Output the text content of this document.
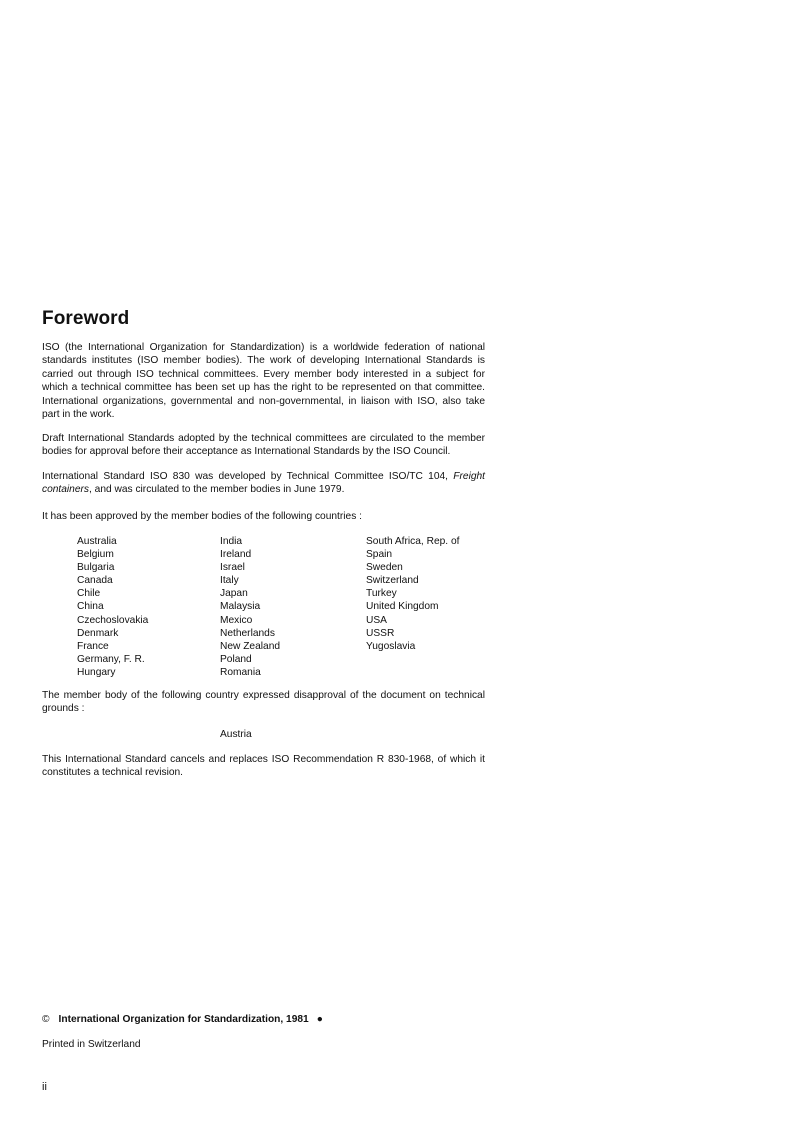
Foreword

ISO (the International Organization for Standardization) is a worldwide federation of national standards institutes (ISO member bodies). The work of developing International Standards is carried out through ISO technical committees. Every member body interested in a subject for which a technical committee has been set up has the right to be represented on that committee. International organizations, governmental and non-governmental, in liaison with ISO, also take part in the work.

Draft International Standards adopted by the technical committees are circulated to the member bodies for approval before their acceptance as International Standards by the ISO Council.

International Standard ISO 830 was developed by Technical Committee ISO/TC 104, Freight containers, and was circulated to the member bodies in June 1979.

It has been approved by the member bodies of the following countries :

Australia
Belgium
Bulgaria
Canada
Chile
China
Czechoslovakia
Denmark
France
Germany, F. R.
Hungary
India
Ireland
Israel
Italy
Japan
Malaysia
Mexico
Netherlands
New Zealand
Poland
Romania
South Africa, Rep. of
Spain
Sweden
Switzerland
Turkey
United Kingdom
USA
USSR
Yugoslavia

The member body of the following country expressed disapproval of the document on technical grounds :

Austria

This International Standard cancels and replaces ISO Recommendation R 830-1968, of which it constitutes a technical revision.

© International Organization for Standardization, 1981 ●

Printed in Switzerland

ii
